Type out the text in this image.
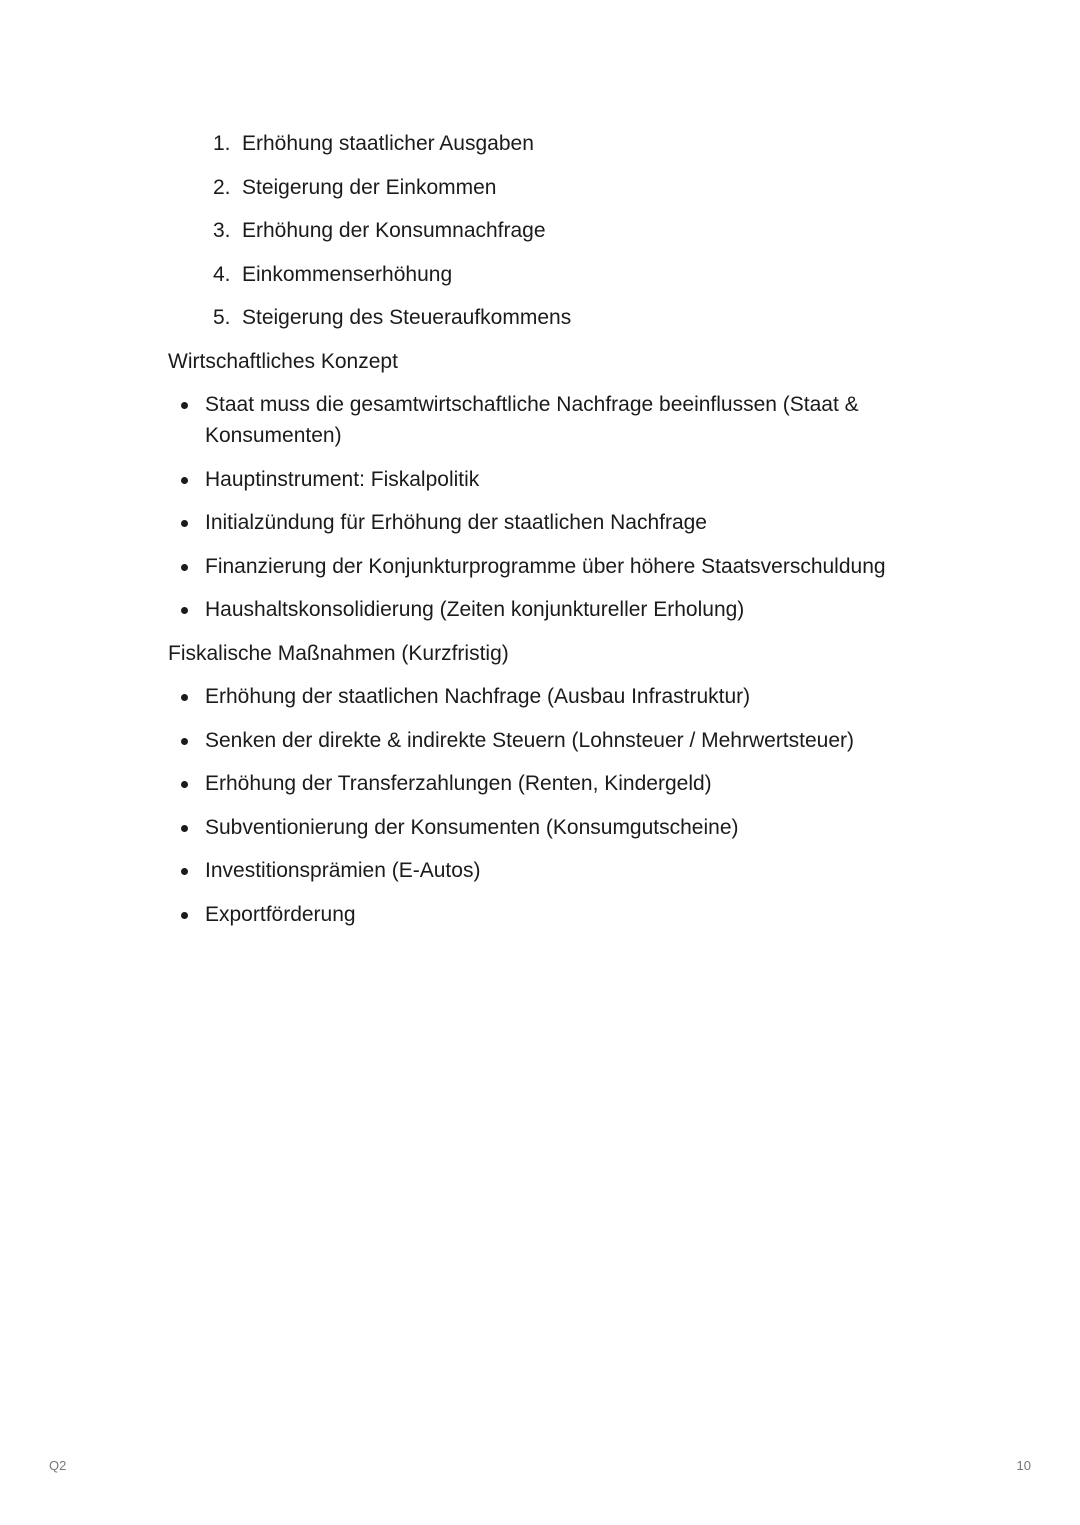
1. Erhöhung staatlicher Ausgaben
2. Steigerung der Einkommen
3. Erhöhung der Konsumnachfrage
4. Einkommenserhöhung
5. Steigerung des Steueraufkommens
Wirtschaftliches Konzept
Staat muss die gesamtwirtschaftliche Nachfrage beeinflussen (Staat & Konsumenten)
Hauptinstrument: Fiskalpolitik
Initialzündung für Erhöhung der staatlichen Nachfrage
Finanzierung der Konjunkturprogramme über höhere Staatsverschuldung
Haushaltskonsolidierung (Zeiten konjunktureller Erholung)
Fiskalische Maßnahmen (Kurzfristig)
Erhöhung der staatlichen Nachfrage (Ausbau Infrastruktur)
Senken der direkte & indirekte Steuern (Lohnsteuer / Mehrwertsteuer)
Erhöhung der Transferzahlungen (Renten, Kindergeld)
Subventionierung der Konsumenten (Konsumgutscheine)
Investitionsprämien (E-Autos)
Exportförderung
Q2	10
